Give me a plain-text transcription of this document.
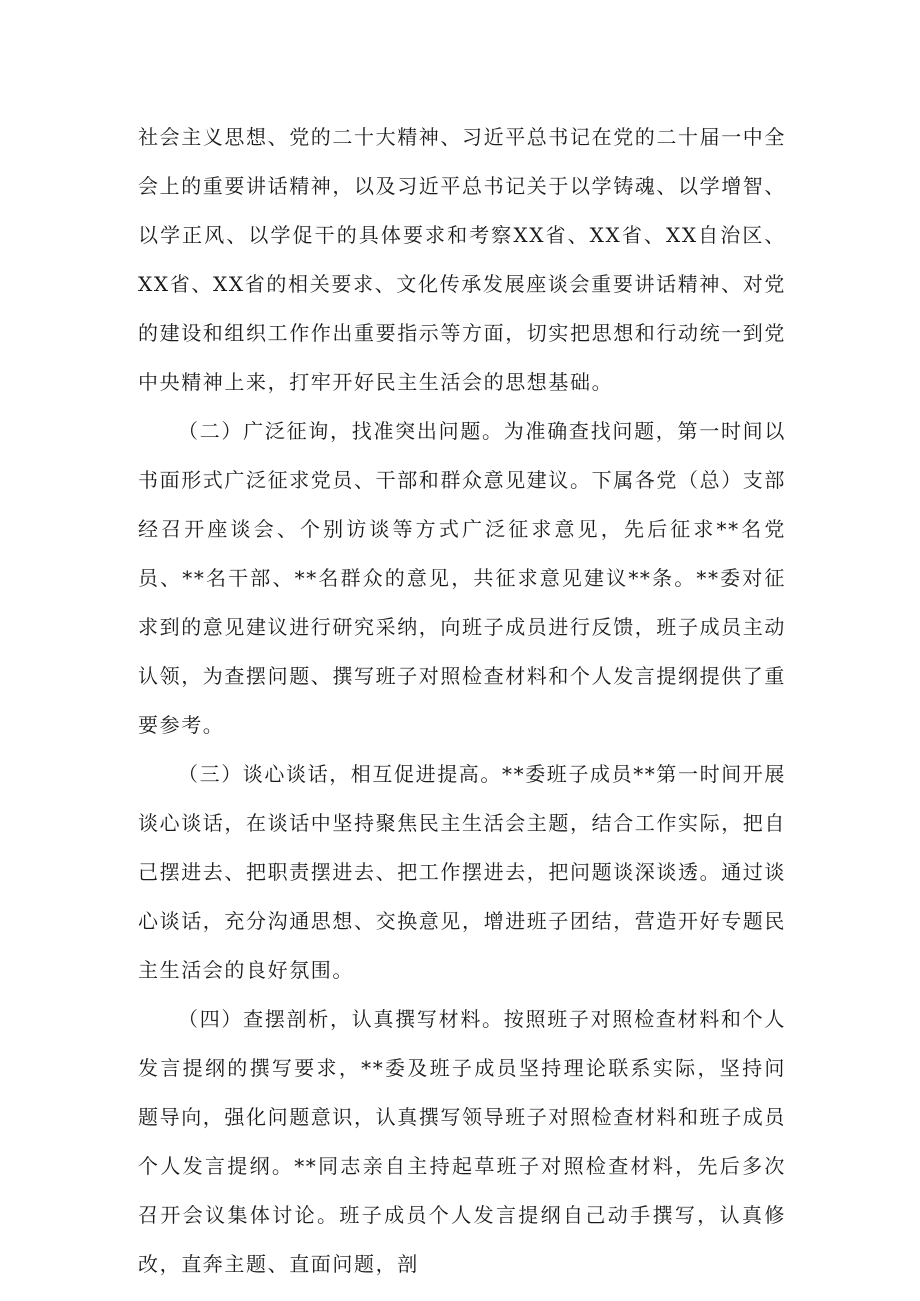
社会主义思想、党的二十大精神、习近平总书记在党的二十届一中全会上的重要讲话精神，以及习近平总书记关于以学铸魂、以学增智、以学正风、以学促干的具体要求和考察XX省、XX省、XX自治区、XX省、XX省的相关要求、文化传承发展座谈会重要讲话精神、对党的建设和组织工作作出重要指示等方面，切实把思想和行动统一到党中央精神上来，打牢开好民主生活会的思想基础。

（二）广泛征询，找准突出问题。为准确查找问题，第一时间以书面形式广泛征求党员、干部和群众意见建议。下属各党（总）支部经召开座谈会、个别访谈等方式广泛征求意见，先后征求**名党员、**名干部、**名群众的意见，共征求意见建议**条。**委对征求到的意见建议进行研究采纳，向班子成员进行反馈，班子成员主动认领，为查摆问题、撰写班子对照检查材料和个人发言提纲提供了重要参考。

（三）谈心谈话，相互促进提高。**委班子成员**第一时间开展谈心谈话，在谈话中坚持聚焦民主生活会主题，结合工作实际，把自己摆进去、把职责摆进去、把工作摆进去，把问题谈深谈透。通过谈心谈话，充分沟通思想、交换意见，增进班子团结，营造开好专题民主生活会的良好氛围。

（四）查摆剖析，认真撰写材料。按照班子对照检查材料和个人发言提纲的撰写要求，**委及班子成员坚持理论联系实际，坚持问题导向，强化问题意识，认真撰写领导班子对照检查材料和班子成员个人发言提纲。**同志亲自主持起草班子对照检查材料，先后多次召开会议集体讨论。班子成员个人发言提纲自己动手撰写，认真修改，直奔主题、直面问题，剖
